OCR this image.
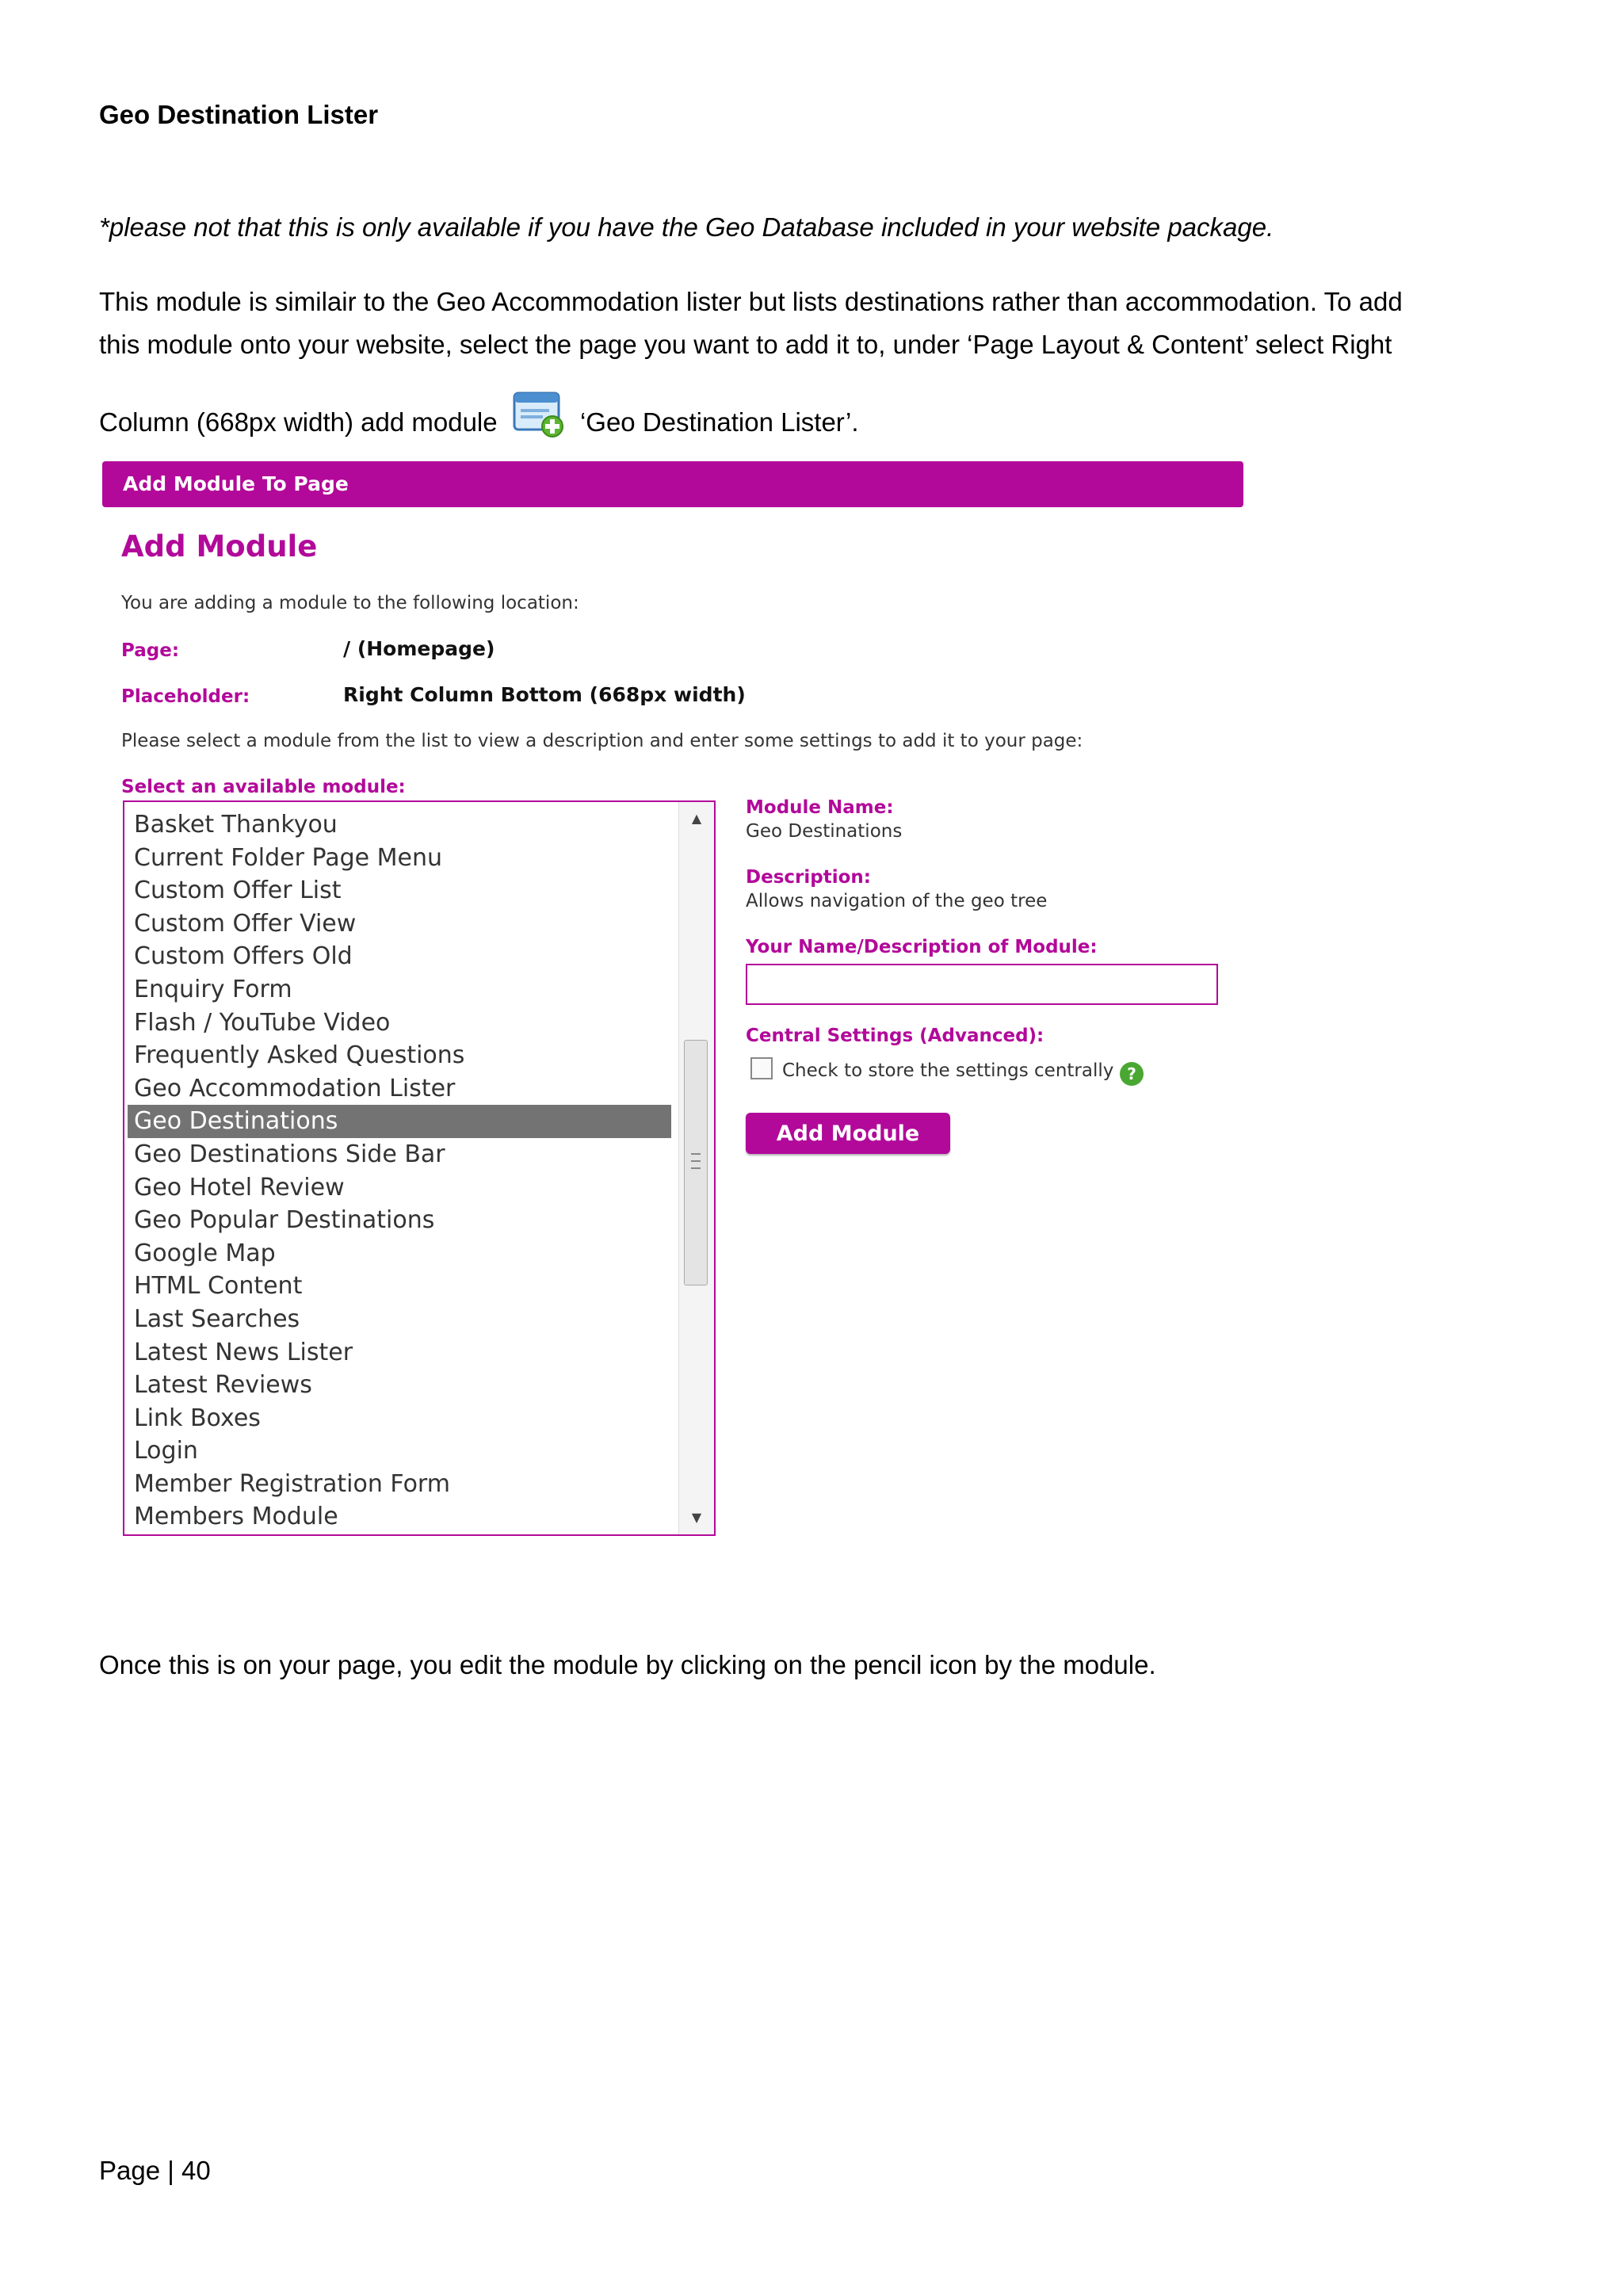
Geo Destination Lister

*please not that this is only available if you have the Geo Database included in your website package.

This module is similair to the Geo Accommodation lister but lists destinations rather than accommodation. To add
this module onto your website, select the page you want to add it to, under ‘Page Layout & Content’ select Right
Column (668px width) add module	‘Geo Destination Lister’.

Add Module To Page
Add Module

You are adding a module to the following location:

Page:	/ (Homepage)

Placeholder:	Right Column Bottom (668px width)

Please select a module from the list to view a description and enter some settings to add it to your page:

Select an available module:

Basket Thankyou
Current Folder Page Menu
Custom Offer List
Custom Offer View
Custom Offers Old
Enquiry Form
Flash / YouTube Video
Frequently Asked Questions
Geo Accommodation Lister
Geo Destinations
Geo Destinations Side Bar
Geo Hotel Review
Geo Popular Destinations
Google Map
HTML Content
Last Searches
Latest News Lister
Latest Reviews
Link Boxes
Login
Member Registration Form
Members Module
▲
▼

Module Name:

Geo Destinations

Description:

Allows navigation of the geo tree

Your Name/Description of Module:

Central Settings (Advanced):

Check to store the settings centrally ?
Add Module

Once this is on your page, you edit the module by clicking on the pencil icon by the module.

Page | 40
